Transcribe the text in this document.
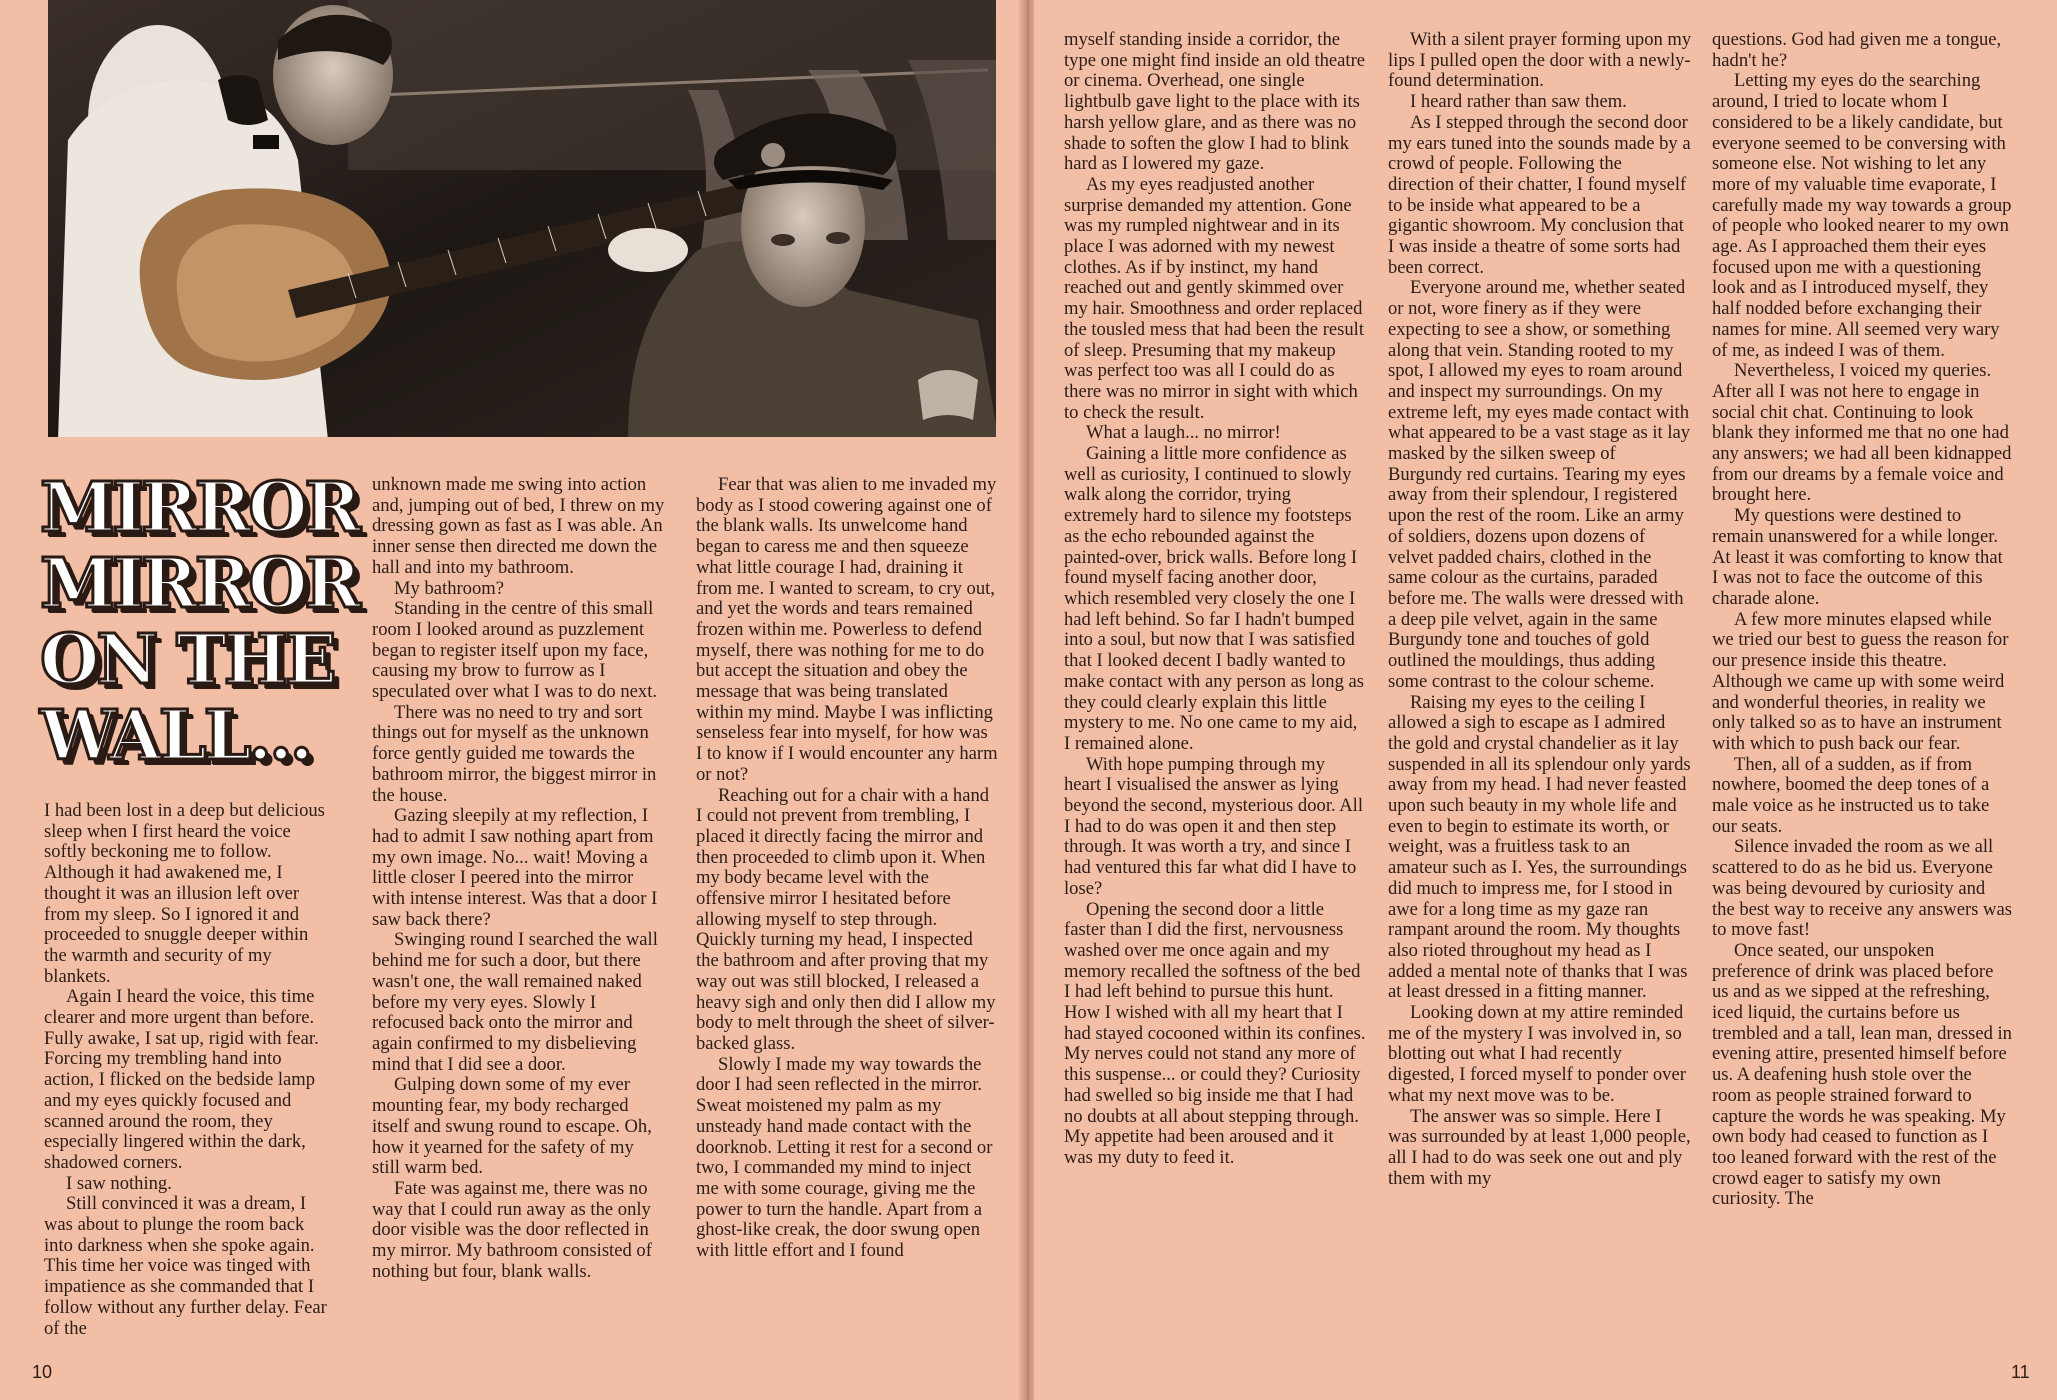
MIRROR
MIRROR
ON THE
WALL...

I had been lost in a deep but delicious sleep when I first heard the voice softly beckoning me to follow. Although it had awakened me, I thought it was an illusion left over from my sleep. So I ignored it and proceeded to snuggle deeper within the warmth and security of my blankets.

Again I heard the voice, this time clearer and more urgent than before. Fully awake, I sat up, rigid with fear. Forcing my trembling hand into action, I flicked on the bedside lamp and my eyes quickly focused and scanned around the room, they especially lingered within the dark, shadowed corners.

I saw nothing.

Still convinced it was a dream, I was about to plunge the room back into darkness when she spoke again. This time her voice was tinged with impatience as she commanded that I follow without any further delay. Fear of the

unknown made me swing into action and, jumping out of bed, I threw on my dressing gown as fast as I was able. An inner sense then directed me down the hall and into my bathroom.

My bathroom?

Standing in the centre of this small room I looked around as puzzlement began to register itself upon my face, causing my brow to furrow as I speculated over what I was to do next.

There was no need to try and sort things out for myself as the unknown force gently guided me towards the bathroom mirror, the biggest mirror in the house.

Gazing sleepily at my reflection, I had to admit I saw nothing apart from my own image. No... wait! Moving a little closer I peered into the mirror with intense interest. Was that a door I saw back there?

Swinging round I searched the wall behind me for such a door, but there wasn't one, the wall remained naked before my very eyes. Slowly I refocused back onto the mirror and again confirmed to my disbelieving mind that I did see a door.

Gulping down some of my ever mounting fear, my body recharged itself and swung round to escape. Oh, how it yearned for the safety of my still warm bed.

Fate was against me, there was no way that I could run away as the only door visible was the door reflected in my mirror. My bathroom consisted of nothing but four, blank walls.

Fear that was alien to me invaded my body as I stood cowering against one of the blank walls. Its unwelcome hand began to caress me and then squeeze what little courage I had, draining it from me. I wanted to scream, to cry out, and yet the words and tears remained frozen within me. Powerless to defend myself, there was nothing for me to do but accept the situation and obey the message that was being translated within my mind. Maybe I was inflicting senseless fear into myself, for how was I to know if I would encounter any harm or not?

Reaching out for a chair with a hand I could not prevent from trembling, I placed it directly facing the mirror and then proceeded to climb upon it. When my body became level with the offensive mirror I hesitated before allowing myself to step through. Quickly turning my head, I inspected the bathroom and after proving that my way out was still blocked, I released a heavy sigh and only then did I allow my body to melt through the sheet of silver-backed glass.

Slowly I made my way towards the door I had seen reflected in the mirror. Sweat moistened my palm as my unsteady hand made contact with the doorknob. Letting it rest for a second or two, I commanded my mind to inject me with some courage, giving me the power to turn the handle. Apart from a ghost-like creak, the door swung open with little effort and I found

10

myself standing inside a corridor, the type one might find inside an old theatre or cinema. Overhead, one single lightbulb gave light to the place with its harsh yellow glare, and as there was no shade to soften the glow I had to blink hard as I lowered my gaze.

As my eyes readjusted another surprise demanded my attention. Gone was my rumpled nightwear and in its place I was adorned with my newest clothes. As if by instinct, my hand reached out and gently skimmed over my hair. Smoothness and order replaced the tousled mess that had been the result of sleep. Presuming that my makeup was perfect too was all I could do as there was no mirror in sight with which to check the result.

What a laugh... no mirror!

Gaining a little more confidence as well as curiosity, I continued to slowly walk along the corridor, trying extremely hard to silence my footsteps as the echo rebounded against the painted-over, brick walls. Before long I found myself facing another door, which resembled very closely the one I had left behind. So far I hadn't bumped into a soul, but now that I was satisfied that I looked decent I badly wanted to make contact with any person as long as they could clearly explain this little mystery to me. No one came to my aid, I remained alone.

With hope pumping through my heart I visualised the answer as lying beyond the second, mysterious door. All I had to do was open it and then step through. It was worth a try, and since I had ventured this far what did I have to lose?

Opening the second door a little faster than I did the first, nervousness washed over me once again and my memory recalled the softness of the bed I had left behind to pursue this hunt. How I wished with all my heart that I had stayed cocooned within its confines. My nerves could not stand any more of this suspense... or could they? Curiosity had swelled so big inside me that I had no doubts at all about stepping through. My appetite had been aroused and it was my duty to feed it.

With a silent prayer forming upon my lips I pulled open the door with a newly-found determination.

I heard rather than saw them.

As I stepped through the second door my ears tuned into the sounds made by a crowd of people. Following the direction of their chatter, I found myself to be inside what appeared to be a gigantic showroom. My conclusion that I was inside a theatre of some sorts had been correct.

Everyone around me, whether seated or not, wore finery as if they were expecting to see a show, or something along that vein. Standing rooted to my spot, I allowed my eyes to roam around and inspect my surroundings. On my extreme left, my eyes made contact with what appeared to be a vast stage as it lay masked by the silken sweep of Burgundy red curtains. Tearing my eyes away from their splendour, I registered upon the rest of the room. Like an army of soldiers, dozens upon dozens of velvet padded chairs, clothed in the same colour as the curtains, paraded before me. The walls were dressed with a deep pile velvet, again in the same Burgundy tone and touches of gold outlined the mouldings, thus adding some contrast to the colour scheme.

Raising my eyes to the ceiling I allowed a sigh to escape as I admired the gold and crystal chandelier as it lay suspended in all its splendour only yards away from my head. I had never feasted upon such beauty in my whole life and even to begin to estimate its worth, or weight, was a fruitless task to an amateur such as I. Yes, the surroundings did much to impress me, for I stood in awe for a long time as my gaze ran rampant around the room. My thoughts also rioted throughout my head as I added a mental note of thanks that I was at least dressed in a fitting manner.

Looking down at my attire reminded me of the mystery I was involved in, so blotting out what I had recently digested, I forced myself to ponder over what my next move was to be.

The answer was so simple. Here I was surrounded by at least 1,000 people, all I had to do was seek one out and ply them with my

questions. God had given me a tongue, hadn't he?

Letting my eyes do the searching around, I tried to locate whom I considered to be a likely candidate, but everyone seemed to be conversing with someone else. Not wishing to let any more of my valuable time evaporate, I carefully made my way towards a group of people who looked nearer to my own age. As I approached them their eyes focused upon me with a questioning look and as I introduced myself, they half nodded before exchanging their names for mine. All seemed very wary of me, as indeed I was of them.

Nevertheless, I voiced my queries. After all I was not here to engage in social chit chat. Continuing to look blank they informed me that no one had any answers; we had all been kidnapped from our dreams by a female voice and brought here.

My questions were destined to remain unanswered for a while longer. At least it was comforting to know that I was not to face the outcome of this charade alone.

A few more minutes elapsed while we tried our best to guess the reason for our presence inside this theatre. Although we came up with some weird and wonderful theories, in reality we only talked so as to have an instrument with which to push back our fear.

Then, all of a sudden, as if from nowhere, boomed the deep tones of a male voice as he instructed us to take our seats.

Silence invaded the room as we all scattered to do as he bid us. Everyone was being devoured by curiosity and the best way to receive any answers was to move fast!

Once seated, our unspoken preference of drink was placed before us and as we sipped at the refreshing, iced liquid, the curtains before us trembled and a tall, lean man, dressed in evening attire, presented himself before us. A deafening hush stole over the room as people strained forward to capture the words he was speaking. My own body had ceased to function as I too leaned forward with the rest of the crowd eager to satisfy my own curiosity. The

11
